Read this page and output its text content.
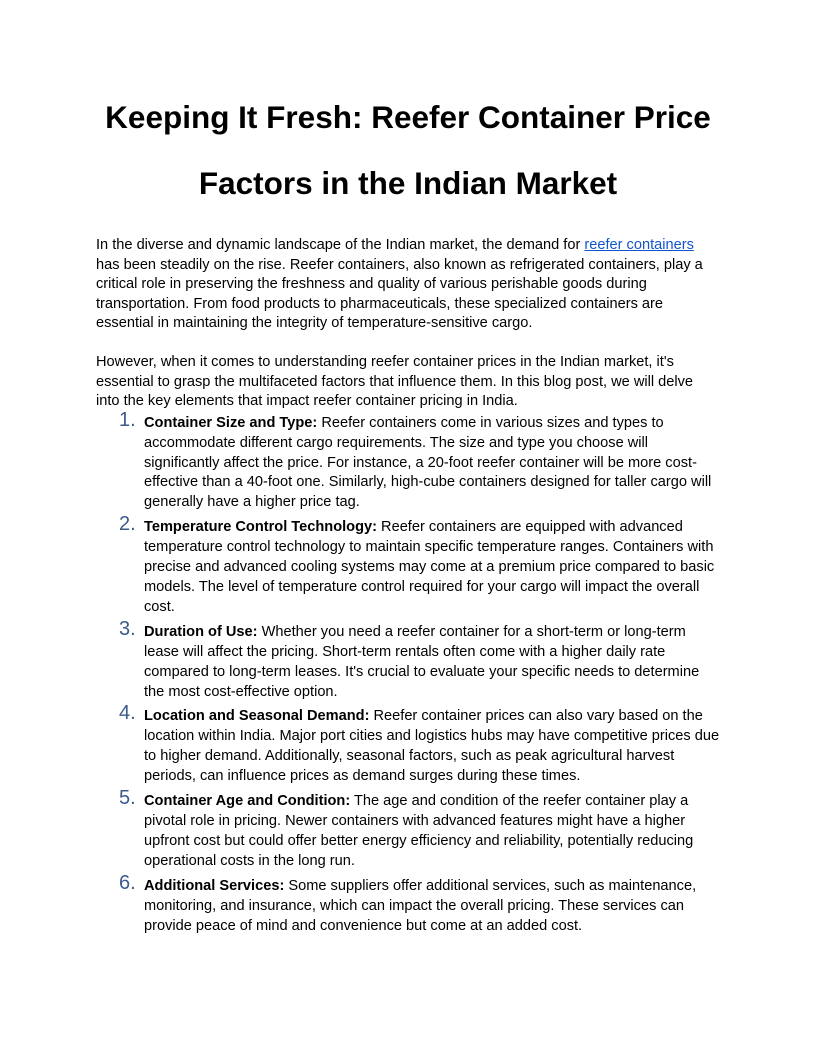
Keeping It Fresh: Reefer Container Price
Factors in the Indian Market

In the diverse and dynamic landscape of the Indian market, the demand for reefer containers has been steadily on the rise. Reefer containers, also known as refrigerated containers, play a critical role in preserving the freshness and quality of various perishable goods during transportation. From food products to pharmaceuticals, these specialized containers are essential in maintaining the integrity of temperature-sensitive cargo.

However, when it comes to understanding reefer container prices in the Indian market, it's essential to grasp the multifaceted factors that influence them. In this blog post, we will delve into the key elements that impact reefer container pricing in India.

1. Container Size and Type: Reefer containers come in various sizes and types to accommodate different cargo requirements. The size and type you choose will significantly affect the price. For instance, a 20-foot reefer container will be more cost-effective than a 40-foot one. Similarly, high-cube containers designed for taller cargo will generally have a higher price tag.
2. Temperature Control Technology: Reefer containers are equipped with advanced temperature control technology to maintain specific temperature ranges. Containers with precise and advanced cooling systems may come at a premium price compared to basic models. The level of temperature control required for your cargo will impact the overall cost.
3. Duration of Use: Whether you need a reefer container for a short-term or long-term lease will affect the pricing. Short-term rentals often come with a higher daily rate compared to long-term leases. It's crucial to evaluate your specific needs to determine the most cost-effective option.
4. Location and Seasonal Demand: Reefer container prices can also vary based on the location within India. Major port cities and logistics hubs may have competitive prices due to higher demand. Additionally, seasonal factors, such as peak agricultural harvest periods, can influence prices as demand surges during these times.
5. Container Age and Condition: The age and condition of the reefer container play a pivotal role in pricing. Newer containers with advanced features might have a higher upfront cost but could offer better energy efficiency and reliability, potentially reducing operational costs in the long run.
6. Additional Services: Some suppliers offer additional services, such as maintenance, monitoring, and insurance, which can impact the overall pricing. These services can provide peace of mind and convenience but come at an added cost.
